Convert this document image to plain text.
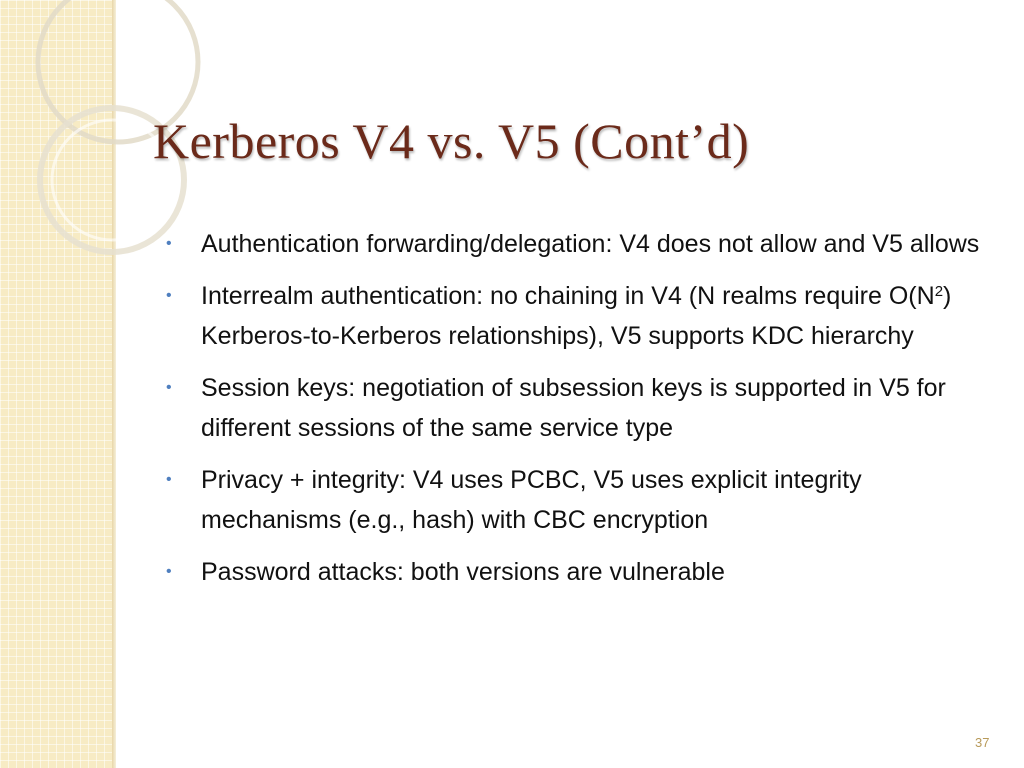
Kerberos V4 vs. V5 (Cont’d)
• Authentication forwarding/delegation: V4 does not allow and V5 allows
• Interrealm authentication: no chaining in V4 (N realms require $O(N^2)$ Kerberos-to-Kerberos relationships), V5 supports KDC hierarchy
• Session keys: negotiation of subsession keys is supported in V5 for different sessions of the same service type
• Privacy + integrity: V4 uses PCBC, V5 uses explicit integrity mechanisms (e.g., hash) with CBC encryption
• Password attacks: both versions are vulnerable
37
